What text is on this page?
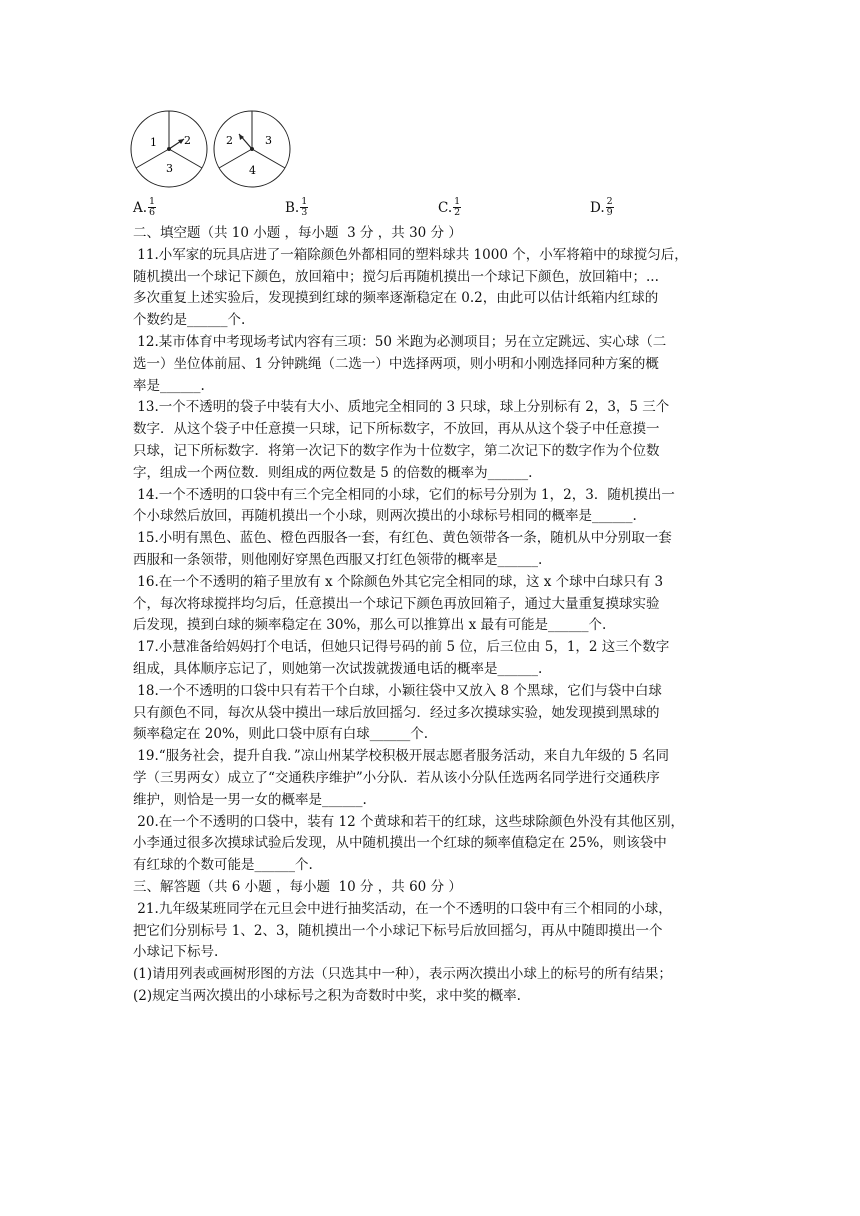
1 2
3
2	3
4
A. $\frac{1}{6}$	B. $\frac{1}{3}$	C. $\frac{1}{2}$	D. $\frac{2}{9}$

二、填空题（共 10 小题 ，每小题  3 分 ，共 30 分 ）

11.小军家的玩具店进了一箱除颜色外都相同的塑料球共 1000 个，小军将箱中的球搅匀后，

随机摸出一个球记下颜色，放回箱中；搅匀后再随机摸出一个球记下颜色，放回箱中；...

多次重复上述实验后，发现摸到红球的频率逐渐稳定在 0.2，由此可以估计纸箱内红球的

个数约是______个.

12.某市体育中考现场考试内容有三项：50 米跑为必测项目；另在立定跳远、实心球（二

选一）坐位体前屈、1 分钟跳绳（二选一）中选择两项，则小明和小刚选择同种方案的概

率是______.

13.一个不透明的袋子中装有大小、质地完全相同的 3 只球，球上分别标有 2，3，5 三个

数字．从这个袋子中任意摸一只球，记下所标数字，不放回，再从从这个袋子中任意摸一

只球，记下所标数字．将第一次记下的数字作为十位数字，第二次记下的数字作为个位数

字，组成一个两位数．则组成的两位数是 5 的倍数的概率为______.

14.一个不透明的口袋中有三个完全相同的小球，它们的标号分别为 1，2，3．随机摸出一

个小球然后放回，再随机摸出一个小球，则两次摸出的小球标号相同的概率是______.

15.小明有黑色、蓝色、橙色西服各一套，有红色、黄色领带各一条，随机从中分别取一套

西服和一条领带，则他刚好穿黑色西服又打红色领带的概率是______.

16.在一个不透明的箱子里放有 x 个除颜色外其它完全相同的球，这 x 个球中白球只有 3

个，每次将球搅拌均匀后，任意摸出一个球记下颜色再放回箱子，通过大量重复摸球实验

后发现，摸到白球的频率稳定在 30%，那么可以推算出 x 最有可能是______个.

17.小慧准备给妈妈打个电话，但她只记得号码的前 5 位，后三位由 5，1，2 这三个数字

组成，具体顺序忘记了，则她第一次试拨就拨通电话的概率是______.

18.一个不透明的口袋中只有若干个白球，小颖往袋中又放入 8 个黑球，它们与袋中白球

只有颜色不同，每次从袋中摸出一球后放回摇匀．经过多次摸球实验，她发现摸到黑球的

频率稳定在 20%，则此口袋中原有白球______个.

19.“服务社会，提升自我．”凉山州某学校积极开展志愿者服务活动，来自九年级的 5 名同

学（三男两女）成立了“交通秩序维护”小分队．若从该小分队任选两名同学进行交通秩序

维护，则恰是一男一女的概率是______.

20.在一个不透明的口袋中，装有 12 个黄球和若干的红球，这些球除颜色外没有其他区别，

小李通过很多次摸球试验后发现，从中随机摸出一个红球的频率值稳定在 25%，则该袋中

有红球的个数可能是______个.

三、解答题（共 6 小题 ，每小题  10 分 ，共 60 分 ）

21.九年级某班同学在元旦会中进行抽奖活动，在一个不透明的口袋中有三个相同的小球，

把它们分别标号 1、2、3，随机摸出一个小球记下标号后放回摇匀，再从中随即摸出一个

小球记下标号.

(1)请用列表或画树形图的方法（只选其中一种），表示两次摸出小球上的标号的所有结果；

(2)规定当两次摸出的小球标号之积为奇数时中奖，求中奖的概率.
